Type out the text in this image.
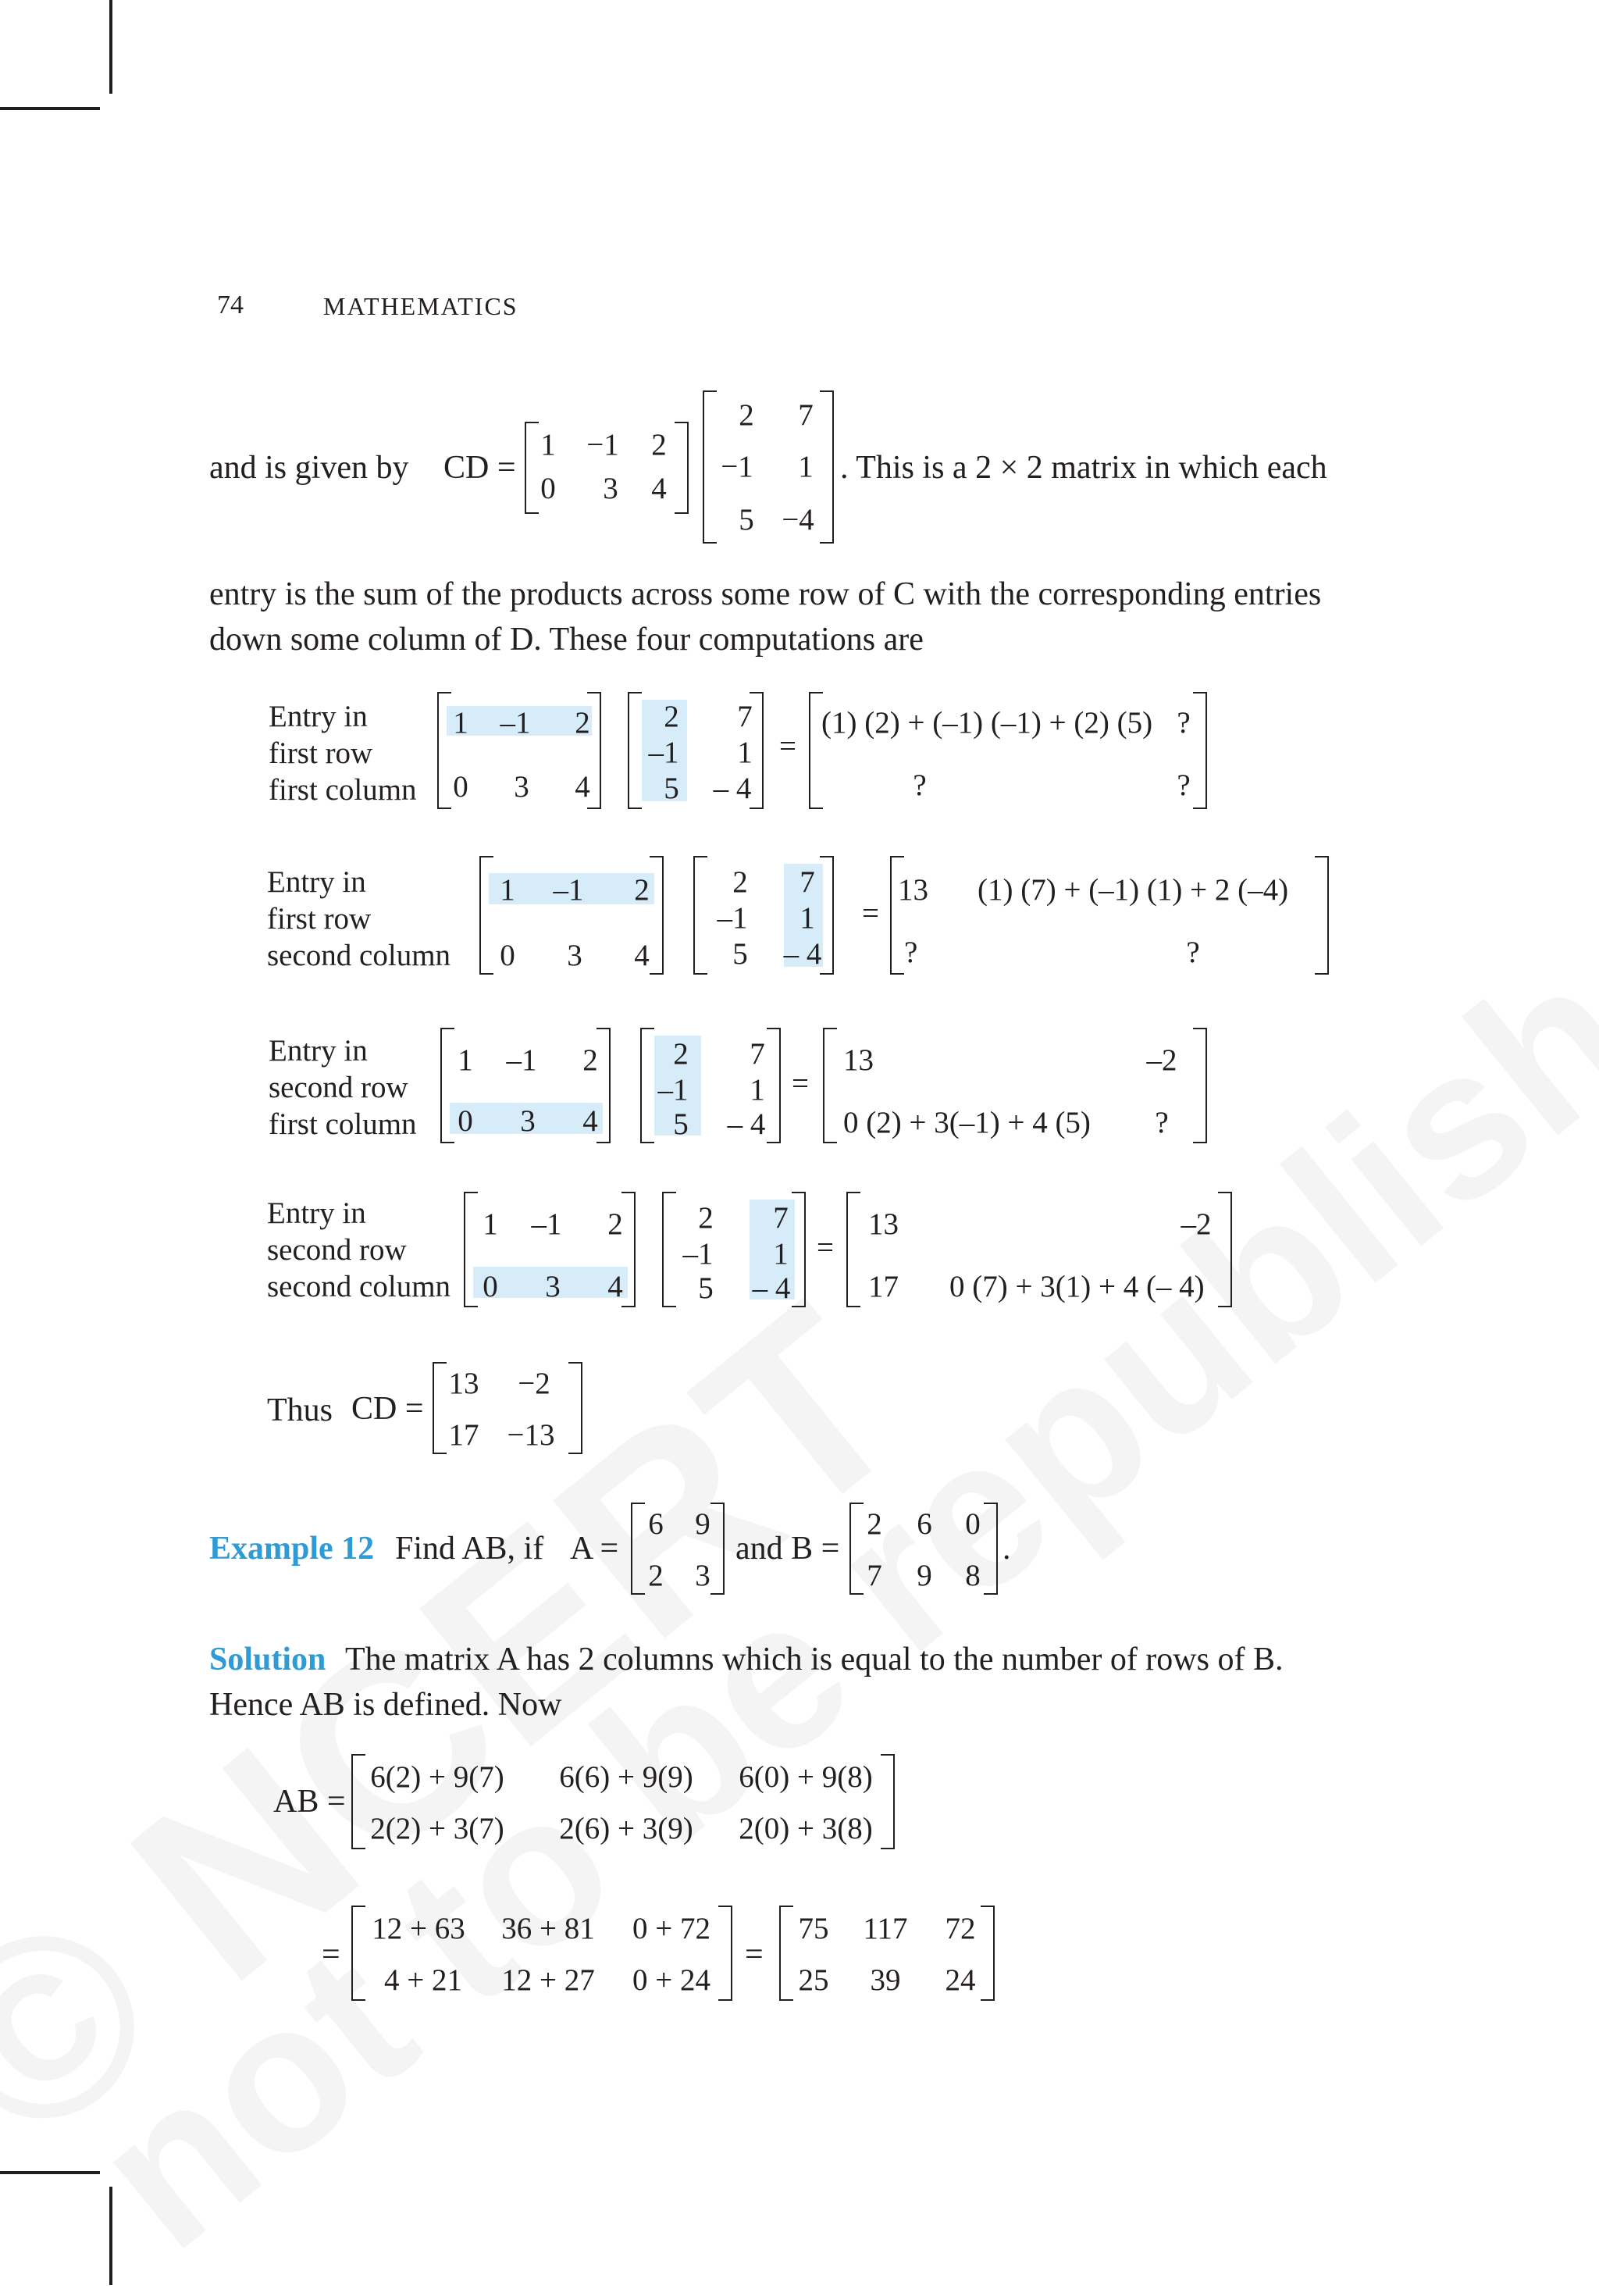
74	MATHEMATICS
and is given by CD =
1 −1 2
0 3 4
2 7
−1 1
5 −4
. This is a 2 × 2 matrix in which each
entry is the sum of the products across some row of C with the corresponding entries
down some column of D. These four computations are
Entry in
first row
first column
1 –1 2
0 3 4
2 7
–1 1
5 – 4
=
(1) (2) + (–1) (–1) + (2) (5) ?
?	?
Entry in
first row
second column
1 –1 2
0 3 4
2 7
–1 1
5 – 4
=
13 (1) (7) + (–1) (1) + 2 (–4)
?	?
Entry in
second row
first column
1 –1 2
0 3 4
2 7
–1 1
5 – 4
=
13	–2
0 (2) + 3(–1) + 4 (5) ?
Entry in
second row
second column
1 –1 2
0 3 4
2 7
–1 1
5 – 4
=
13	–2
17 0 (7) + 3(1) + 4 (– 4)
Thus CD =
13 −2
17 −13
Example 12 Find AB, if A =
6 9
2 3
and B =
2 6 0
7 9 8
.
Solution The matrix A has 2 columns which is equal to the number of rows of B.
Hence AB is defined. Now
AB =
6(2) + 9(7) 6(6) + 9(9) 6(0) + 9(8)
2(2) + 3(7) 2(6) + 3(9) 2(0) + 3(8)
=
12 + 63 36 + 81 0 + 72
4 + 21 12 + 27 0 + 24
=
75 117 72
25 39 24
